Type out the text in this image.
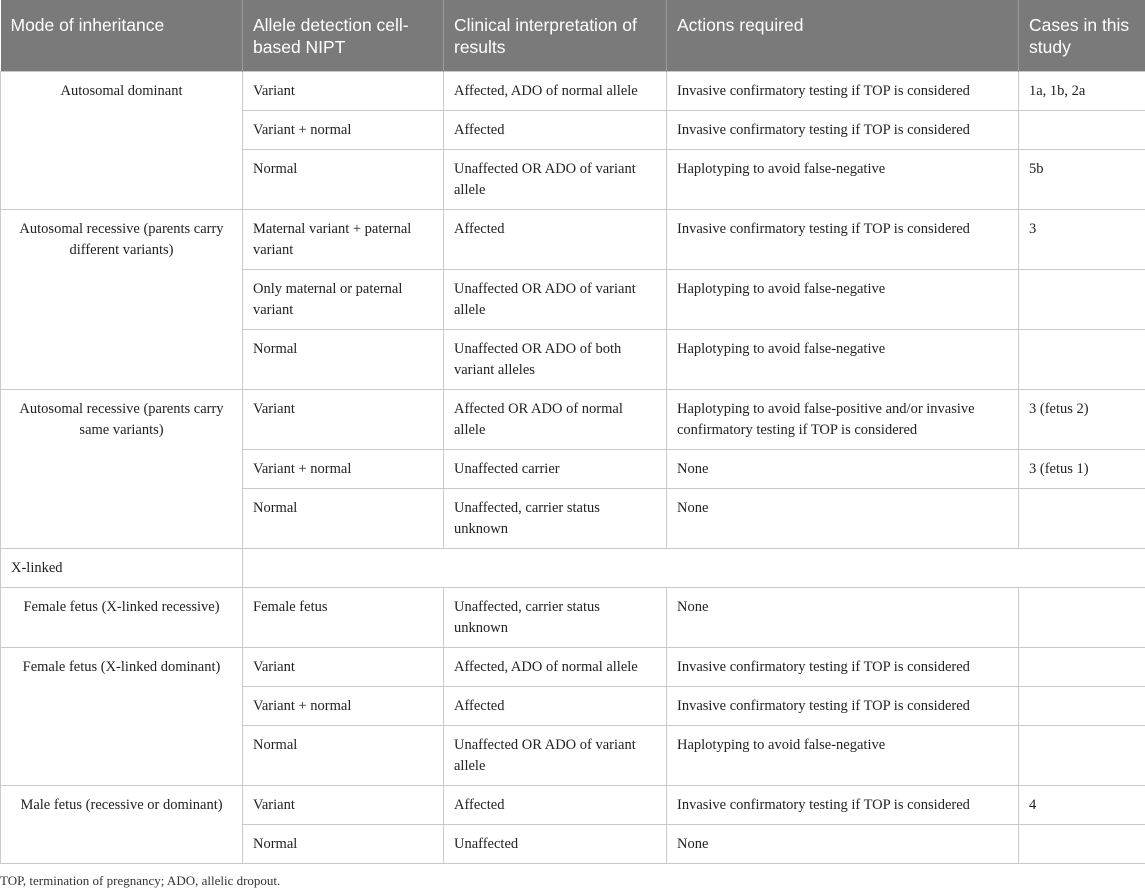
Mode of inheritance	Allele detection cell-based NIPT	Clinical interpretation of results	Actions required	Cases in this study
Autosomal dominant	Variant	Affected, ADO of normal allele	Invasive confirmatory testing if TOP is considered	1a, 1b, 2a
	Variant + normal	Affected	Invasive confirmatory testing if TOP is considered	
	Normal	Unaffected OR ADO of variant allele	Haplotyping to avoid false-negative	5b
Autosomal recessive (parents carry different variants)	Maternal variant + paternal variant	Affected	Invasive confirmatory testing if TOP is considered	3
	Only maternal or paternal variant	Unaffected OR ADO of variant allele	Haplotyping to avoid false-negative	
	Normal	Unaffected OR ADO of both variant alleles	Haplotyping to avoid false-negative	
Autosomal recessive (parents carry same variants)	Variant	Affected OR ADO of normal allele	Haplotyping to avoid false-positive and/or invasive confirmatory testing if TOP is considered	3 (fetus 2)
	Variant + normal	Unaffected carrier	None	3 (fetus 1)
	Normal	Unaffected, carrier status unknown	None	
X-linked				
Female fetus (X-linked recessive)	Female fetus	Unaffected, carrier status unknown	None	
Female fetus (X-linked dominant)	Variant	Affected, ADO of normal allele	Invasive confirmatory testing if TOP is considered	
	Variant + normal	Affected	Invasive confirmatory testing if TOP is considered	
	Normal	Unaffected OR ADO of variant allele	Haplotyping to avoid false-negative	
Male fetus (recessive or dominant)	Variant	Affected	Invasive confirmatory testing if TOP is considered	4
	Normal	Unaffected	None	
TOP, termination of pregnancy; ADO, allelic dropout.
